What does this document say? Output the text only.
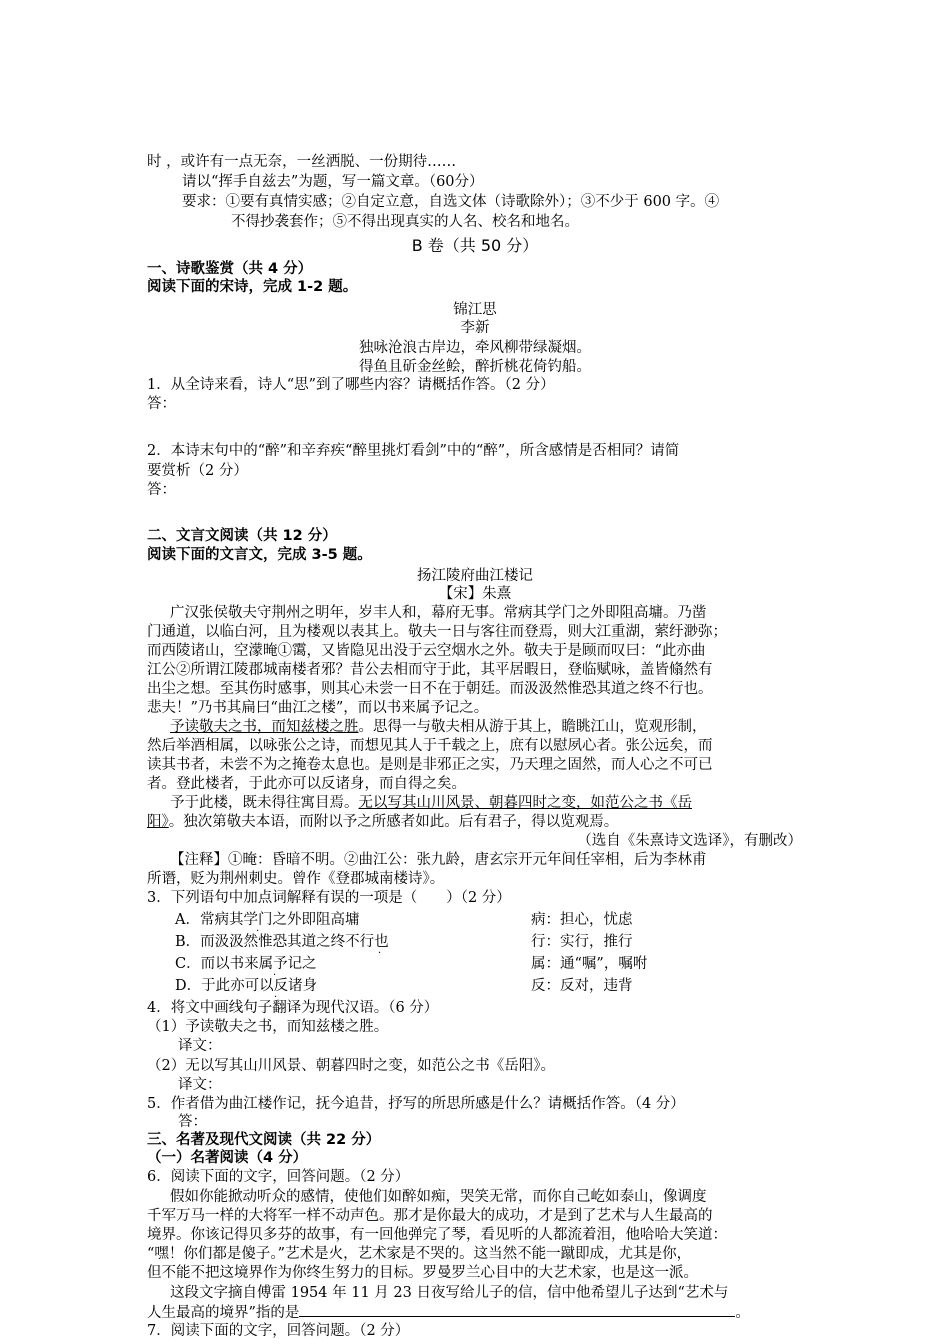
时 ，或许有一点无奈，一丝洒脱、一份期待……
请以“挥手自兹去”为题，写一篇文章。（60分）
要求：①要有真情实感；②自定立意，自选文体（诗歌除外）；③不少于 600 字。④
不得抄袭套作；⑤不得出现真实的人名、校名和地名。
B 卷（共 50 分）
一、诗歌鉴赏（共 4 分）
阅读下面的宋诗，完成 1-2 题。
锦江思
李新
独咏沧浪古岸边，牵风柳带绿凝烟。
得鱼且斫金丝鲙，醉折桃花倚钓船。
1．从全诗来看，诗人“思”到了哪些内容？请概括作答。（2 分）
答：
2．本诗末句中的“醉”和辛弃疾“醉里挑灯看剑”中的“醉”，所含感情是否相同？请简
要赏析（2 分）
答：
二、文言文阅读（共 12 分）
阅读下面的文言文，完成 3-5 题。
扬江陵府曲江楼记
【宋】朱熹
广汉张侯敬夫守荆州之明年，岁丰人和，幕府无事。常病其学门之外即阻高墉。乃凿
门通道，以临白河，且为楼观以表其上。敬夫一日与客往而登焉，则大江重湖，萦纡渺弥；
而西陵诸山，空濛晻①霭，又皆隐见出没于云空烟水之外。敬夫于是顾而叹曰：“此亦曲
江公②所谓江陵郡城南楼者邪？昔公去相而守于此，其平居暇日，登临赋咏，盖皆翛然有
出尘之想。至其伤时感事，则其心未尝一日不在于朝廷。而汲汲然惟恐其道之终不行也。
悲夫！”乃书其扁曰“曲江之楼”，而以书来属予记之。
予读敬夫之书，而知兹楼之胜。思得一与敬夫相从游于其上，瞻眺江山，览观形制，
然后举酒相属，以咏张公之诗，而想见其人于千载之上，庶有以慰夙心者。张公远矣，而
读其书者，未尝不为之掩卷太息也。是则是非邪正之实，乃天理之固然，而人心之不可已
者。登此楼者，于此亦可以反诸身，而自得之矣。
予于此楼，既未得往寓目焉。无以写其山川风景、朝暮四时之变，如范公之书《岳
阳》。独次第敬夫本语，而附以予之所感者如此。后有君子，得以览观焉。
（选自《朱熹诗文选译》，有删改）
【注释】①晻：昏暗不明。②曲江公：张九龄，唐玄宗开元年间任宰相，后为李林甫
所谮，贬为荆州刺史。曾作《登郡城南楼诗》。
3．下列语句中加点词解释有误的一项是（　　）（2 分）
A．常病其学门之外即阻高墉	病：担心，忧虑
B．而汲汲然惟恐其道之终不行也	行：实行，推行
C．而以书来属予记之	属：通“嘱”，嘱咐
D．于此亦可以反诸身	反：反对，违背
·
·
·
·
4．将文中画线句子翻译为现代汉语。（6 分）
（1）予读敬夫之书，而知兹楼之胜。
译文：
（2）无以写其山川风景、朝暮四时之变，如范公之书《岳阳》。
译文：
5．作者借为曲江楼作记，抚今追昔，抒写的所思所感是什么？请概括作答。（4 分）
答：
三、名著及现代文阅读（共 22 分）
（一）名著阅读（4 分）
6．阅读下面的文字，回答问题。（2 分）
假如你能掀动听众的感情，使他们如醉如痴，哭笑无常，而你自己屹如泰山，像调度
千军万马一样的大将军一样不动声色。那才是你最大的成功，才是到了艺术与人生最高的
境界。你该记得贝多芬的故事，有一回他弹完了琴，看见听的人都流着泪，他哈哈大笑道：
“嘿！你们都是傻子。”艺术是火，艺术家是不哭的。这当然不能一蹴即成，尤其是你，
但不能不把这境界作为你终生努力的目标。罗曼罗兰心目中的大艺术家，也是这一派。
这段文字摘自傅雷 1954 年 11 月 23 日夜写给儿子的信，信中他希望儿子达到“艺术与
人生最高的境界”指的是	。
7．阅读下面的文字，回答问题。（2 分）
